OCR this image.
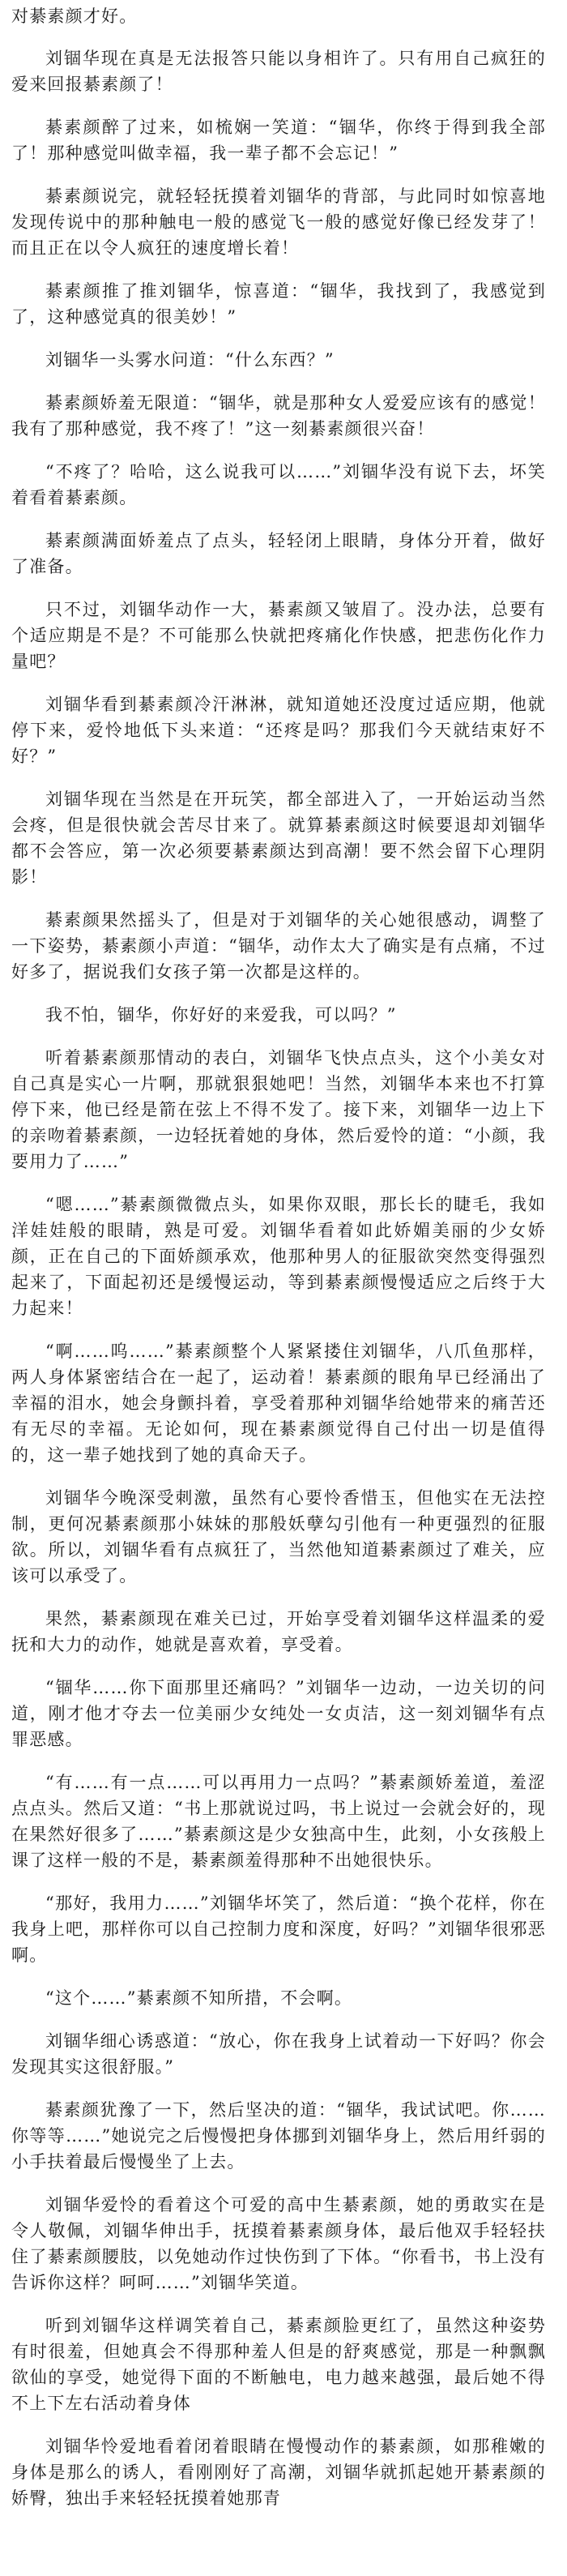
对綦素颜才好。

刘锢华现在真是无法报答只能以身相许了。只有用自己疯狂的爱来回报綦素颜了！

綦素颜醉了过来，如梳娴一笑道：“锢华，你终于得到我全部了！那种感觉叫做幸福，我一辈子都不会忘记！”

綦素颜说完，就轻轻抚摸着刘锢华的背部，与此同时如惊喜地发现传说中的那种触电一般的感觉飞一般的感觉好像已经发芽了！而且正在以令人疯狂的速度增长着！

綦素颜推了推刘锢华，惊喜道：“锢华，我找到了，我感觉到了，这种感觉真的很美妙！”

刘锢华一头雾水问道：“什么东西？”

綦素颜娇羞无限道：“锢华，就是那种女人爱爱应该有的感觉！我有了那种感觉，我不疼了！”这一刻綦素颜很兴奋！

“不疼了？哈哈，这么说我可以……”刘锢华没有说下去，坏笑着看着綦素颜。

綦素颜满面娇羞点了点头，轻轻闭上眼睛，身体分开着，做好了准备。

只不过，刘锢华动作一大，綦素颜又皱眉了。没办法，总要有个适应期是不是？不可能那么快就把疼痛化作快感，把悲伤化作力量吧？

刘锢华看到綦素颜冷汗淋淋，就知道她还没度过适应期，他就停下来，爱怜地低下头来道：“还疼是吗？那我们今天就结束好不好？”

刘锢华现在当然是在开玩笑，都全部进入了，一开始运动当然会疼，但是很快就会苦尽甘来了。就算綦素颜这时候要退却刘锢华都不会答应，第一次必须要綦素颜达到高潮！要不然会留下心理阴影！

綦素颜果然摇头了，但是对于刘锢华的关心她很感动，调整了一下姿势，綦素颜小声道：“锢华，动作太大了确实是有点痛，不过好多了，据说我们女孩子第一次都是这样的。

我不怕，锢华，你好好的来爱我，可以吗？”

听着綦素颜那情动的表白，刘锢华飞快点点头，这个小美女对自己真是实心一片啊，那就狠狠她吧！当然，刘锢华本来也不打算停下来，他已经是箭在弦上不得不发了。接下来，刘锢华一边上下的亲吻着綦素颜，一边轻抚着她的身体，然后爱怜的道：“小颜，我要用力了……”

“嗯……”綦素颜微微点头，如果你双眼，那长长的睫毛，我如洋娃娃般的眼睛，熟是可爱。刘锢华看着如此娇媚美丽的少女娇颜，正在自己的下面娇颜承欢，他那种男人的征服欲突然变得强烈起来了，下面起初还是缓慢运动，等到綦素颜慢慢适应之后终于大力起来！

“啊……呜……”綦素颜整个人紧紧搂住刘锢华，八爪鱼那样，两人身体紧密结合在一起了，运动着！綦素颜的眼角早已经涌出了幸福的泪水，她会身颤抖着，享受着那种刘锢华给她带来的痛苦还有无尽的幸福。无论如何，现在綦素颜觉得自己付出一切是值得的，这一辈子她找到了她的真命天子。

刘锢华今晚深受刺激，虽然有心要怜香惜玉，但他实在无法控制，更何况綦素颜那小妹妹的那般妖孽勾引他有一种更强烈的征服欲。所以，刘锢华看有点疯狂了，当然他知道綦素颜过了难关，应该可以承受了。

果然，綦素颜现在难关已过，开始享受着刘锢华这样温柔的爱抚和大力的动作，她就是喜欢着，享受着。

“锢华……你下面那里还痛吗？”刘锢华一边动，一边关切的问道，刚才他才夺去一位美丽少女纯处一女贞洁，这一刻刘锢华有点罪恶感。

“有……有一点……可以再用力一点吗？”綦素颜娇羞道，羞涩点点头。然后又道：“书上那就说过吗，书上说过一会就会好的，现在果然好很多了……”綦素颜这是少女独高中生，此刻，小女孩般上课了这样一般的不是，綦素颜羞得那种不出她很快乐。

“那好，我用力……”刘锢华坏笑了，然后道：“换个花样，你在我身上吧，那样你可以自己控制力度和深度，好吗？”刘锢华很邪恶啊。

“这个……”綦素颜不知所措，不会啊。

刘锢华细心诱惑道：“放心，你在我身上试着动一下好吗？你会发现其实这很舒服。”

綦素颜犹豫了一下，然后坚决的道：“锢华，我试试吧。你……你等等……”她说完之后慢慢把身体挪到刘锢华身上，然后用纤弱的小手扶着最后慢慢坐了上去。

刘锢华爱怜的看着这个可爱的高中生綦素颜，她的勇敢实在是令人敬佩，刘锢华伸出手，抚摸着綦素颜身体，最后他双手轻轻扶住了綦素颜腰肢，以免她动作过快伤到了下体。“你看书，书上没有告诉你这样？呵呵……”刘锢华笑道。

听到刘锢华这样调笑着自己，綦素颜脸更红了，虽然这种姿势有时很羞，但她真会不得那种羞人但是的舒爽感觉，那是一种飘飘欲仙的享受，她觉得下面的不断触电，电力越来越强，最后她不得不上下左右活动着身体

刘锢华怜爱地看着闭着眼睛在慢慢动作的綦素颜，如那稚嫩的身体是那么的诱人，看刚刚好了高潮，刘锢华就抓起她开綦素颜的娇臀，独出手来轻轻抚摸着她那青
